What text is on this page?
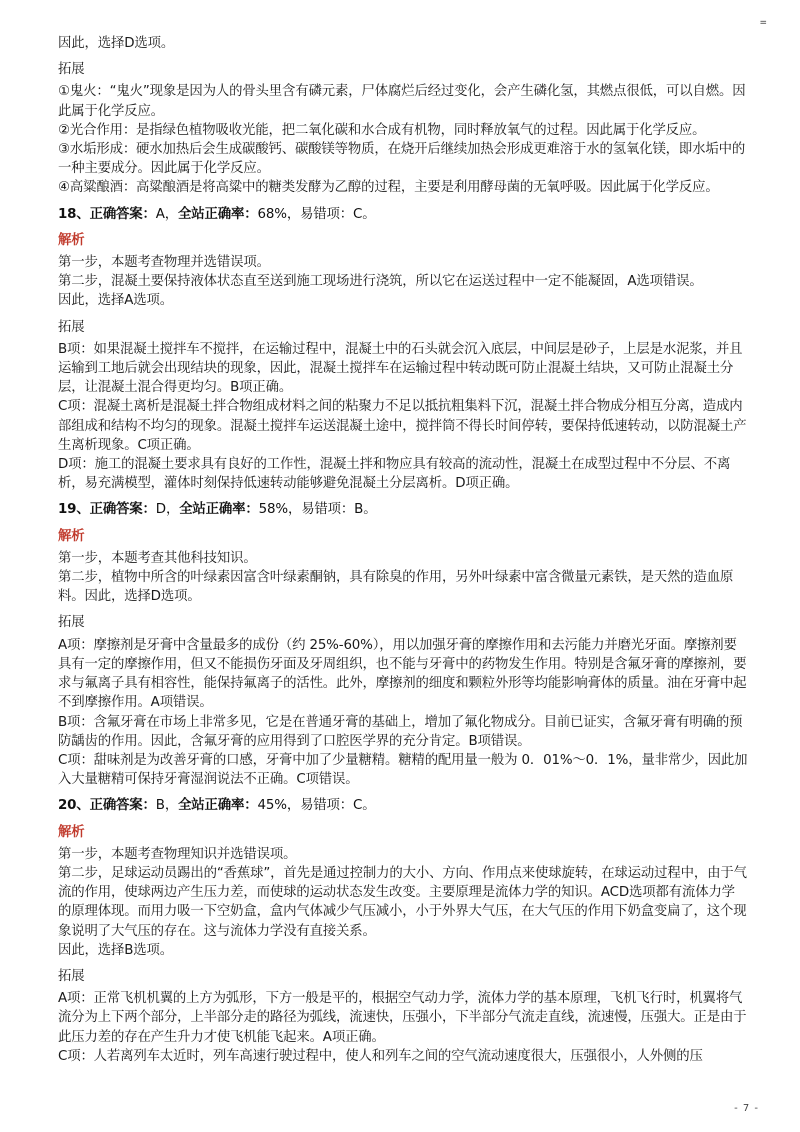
=

因此，选择D选项。

拓展

①鬼火：“鬼火”现象是因为人的骨头里含有磷元素，尸体腐烂后经过变化，会产生磷化氢，其燃点很低，可以自燃。因此属于化学反应。

②光合作用：是指绿色植物吸收光能，把二氧化碳和水合成有机物，同时释放氧气的过程。因此属于化学反应。

③水垢形成：硬水加热后会生成碳酸钙、碳酸镁等物质，在烧开后继续加热会形成更难溶于水的氢氧化镁，即水垢中的一种主要成分。因此属于化学反应。

④高粱酿酒：高粱酿酒是将高粱中的糖类发酵为乙醇的过程，主要是利用酵母菌的无氧呼吸。因此属于化学反应。

18、正确答案：A，全站正确率：68%，易错项：C。

解析

第一步，本题考查物理并选错误项。

第二步，混凝土要保持液体状态直至送到施工现场进行浇筑，所以它在运送过程中一定不能凝固，A选项错误。

因此，选择A选项。

拓展

B项：如果混凝土搅拌车不搅拌，在运输过程中，混凝土中的石头就会沉入底层，中间层是砂子，上层是水泥浆，并且运输到工地后就会出现结块的现象，因此，混凝土搅拌车在运输过程中转动既可防止混凝土结块，又可防止混凝土分层，让混凝土混合得更均匀。B项正确。

C项：混凝土离析是混凝土拌合物组成材料之间的粘聚力不足以抵抗粗集料下沉，混凝土拌合物成分相互分离，造成内部组成和结构不均匀的现象。混凝土搅拌车运送混凝土途中，搅拌筒不得长时间停转，要保持低速转动，以防混凝土产生离析现象。C项正确。

D项：施工的混凝土要求具有良好的工作性，混凝土拌和物应具有较高的流动性，混凝土在成型过程中不分层、不离析，易充满模型，灌体时刻保持低速转动能够避免混凝土分层离析。D项正确。

19、正确答案：D，全站正确率：58%，易错项：B。

解析

第一步，本题考查其他科技知识。

第二步，植物中所含的叶绿素因富含叶绿素酮钠，具有除臭的作用，另外叶绿素中富含微量元素铁，是天然的造血原料。因此，选择D选项。

拓展

A项：摩擦剂是牙膏中含量最多的成份（约 25%-60%），用以加强牙膏的摩擦作用和去污能力并磨光牙面。摩擦剂要具有一定的摩擦作用，但又不能损伤牙面及牙周组织，也不能与牙膏中的药物发生作用。特别是含氟牙膏的摩擦剂，要求与氟离子具有相容性，能保持氟离子的活性。此外，摩擦剂的细度和颗粒外形等均能影响膏体的质量。油在牙膏中起不到摩擦作用。A项错误。

B项：含氟牙膏在市场上非常多见，它是在普通牙膏的基础上，增加了氟化物成分。目前已证实，含氟牙膏有明确的预防龋齿的作用。因此，含氟牙膏的应用得到了口腔医学界的充分肯定。B项错误。

C项：甜味剂是为改善牙膏的口感，牙膏中加了少量糖精。糖精的配用量一般为 0．01%～0．1%，量非常少，因此加入大量糖精可保持牙膏湿润说法不正确。C项错误。

20、正确答案：B，全站正确率：45%，易错项：C。

解析

第一步，本题考查物理知识并选错误项。

第二步，足球运动员踢出的“香蕉球”，首先是通过控制力的大小、方向、作用点来使球旋转，在球运动过程中，由于气流的作用，使球两边产生压力差，而使球的运动状态发生改变。主要原理是流体力学的知识。ACD选项都有流体力学的原理体现。而用力吸一下空奶盒，盒内气体减少气压减小，小于外界大气压，在大气压的作用下奶盒变扁了，这个现象说明了大气压的存在。这与流体力学没有直接关系。

因此，选择B选项。

拓展

A项：正常飞机机翼的上方为弧形，下方一般是平的，根据空气动力学，流体力学的基本原理，飞机飞行时，机翼将气流分为上下两个部分，上半部分走的路径为弧线，流速快，压强小，下半部分气流走直线，流速慢，压强大。正是由于此压力差的存在产生升力才使飞机能飞起来。A项正确。

C项：人若离列车太近时，列车高速行驶过程中，使人和列车之间的空气流动速度很大，压强很小，人外侧的压

- 7 -
